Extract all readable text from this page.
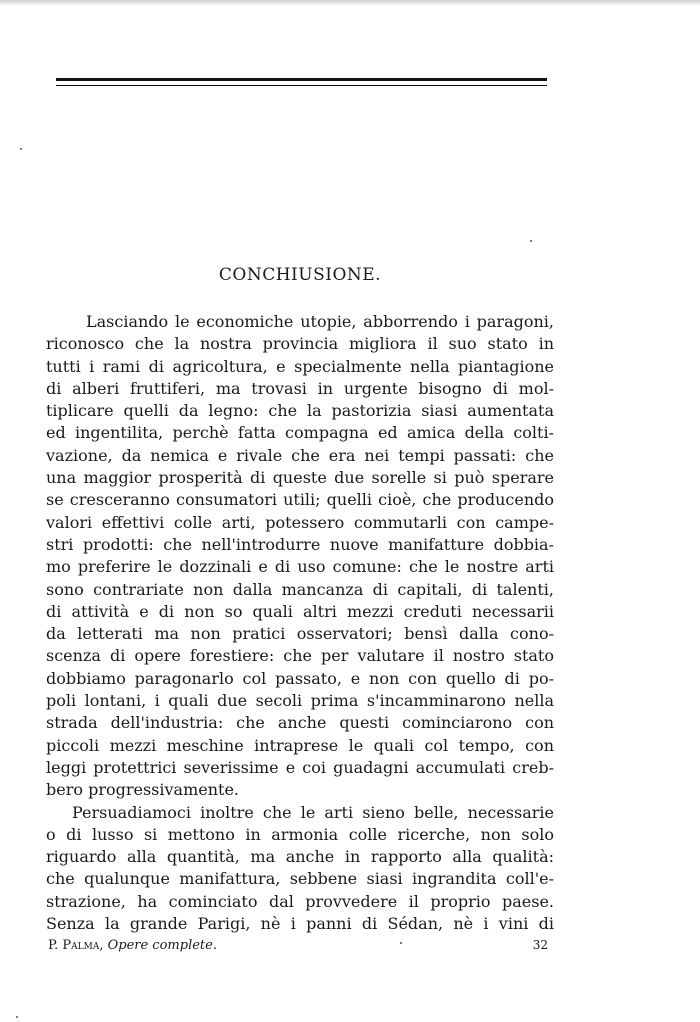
CONCHIUSIONE.
Lasciando le economiche utopie, abborrendo i paragoni,
riconosco che la nostra provincia migliora il suo stato in
tutti i rami di agricoltura, e specialmente nella piantagione
di alberi fruttiferi, ma trovasi in urgente bisogno di mol-
tiplicare quelli da legno: che la pastorizia siasi aumentata
ed ingentilita, perchè fatta compagna ed amica della colti-
vazione, da nemica e rivale che era nei tempi passati: che
una maggior prosperità di queste due sorelle si può sperare
se cresceranno consumatori utili; quelli cioè, che producendo
valori effettivi colle arti, potessero commutarli con campe-
stri prodotti: che nell'introdurre nuove manifatture dobbia-
mo preferire le dozzinali e di uso comune: che le nostre arti
sono contrariate non dalla mancanza di capitali, di talenti,
di attività e di non so quali altri mezzi creduti necessarii
da letterati ma non pratici osservatori; bensì dalla cono-
scenza di opere forestiere: che per valutare il nostro stato
dobbiamo paragonarlo col passato, e non con quello di po-
poli lontani, i quali due secoli prima s'incamminarono nella
strada dell'industria: che anche questi cominciarono con
piccoli mezzi meschine intraprese le quali col tempo, con
leggi protettrici severissime e coi guadagni accumulati creb-
bero progressivamente.
Persuadiamoci inoltre che le arti sieno belle, necessarie
o di lusso si mettono in armonia colle ricerche, non solo
riguardo alla quantità, ma anche in rapporto alla qualità:
che qualunque manifattura, sebbene siasi ingrandita coll'e-
strazione, ha cominciato dal provvedere il proprio paese.
Senza la grande Parigi, nè i panni di Sédan, nè i vini di
P. Palma, Opere complete.	32
